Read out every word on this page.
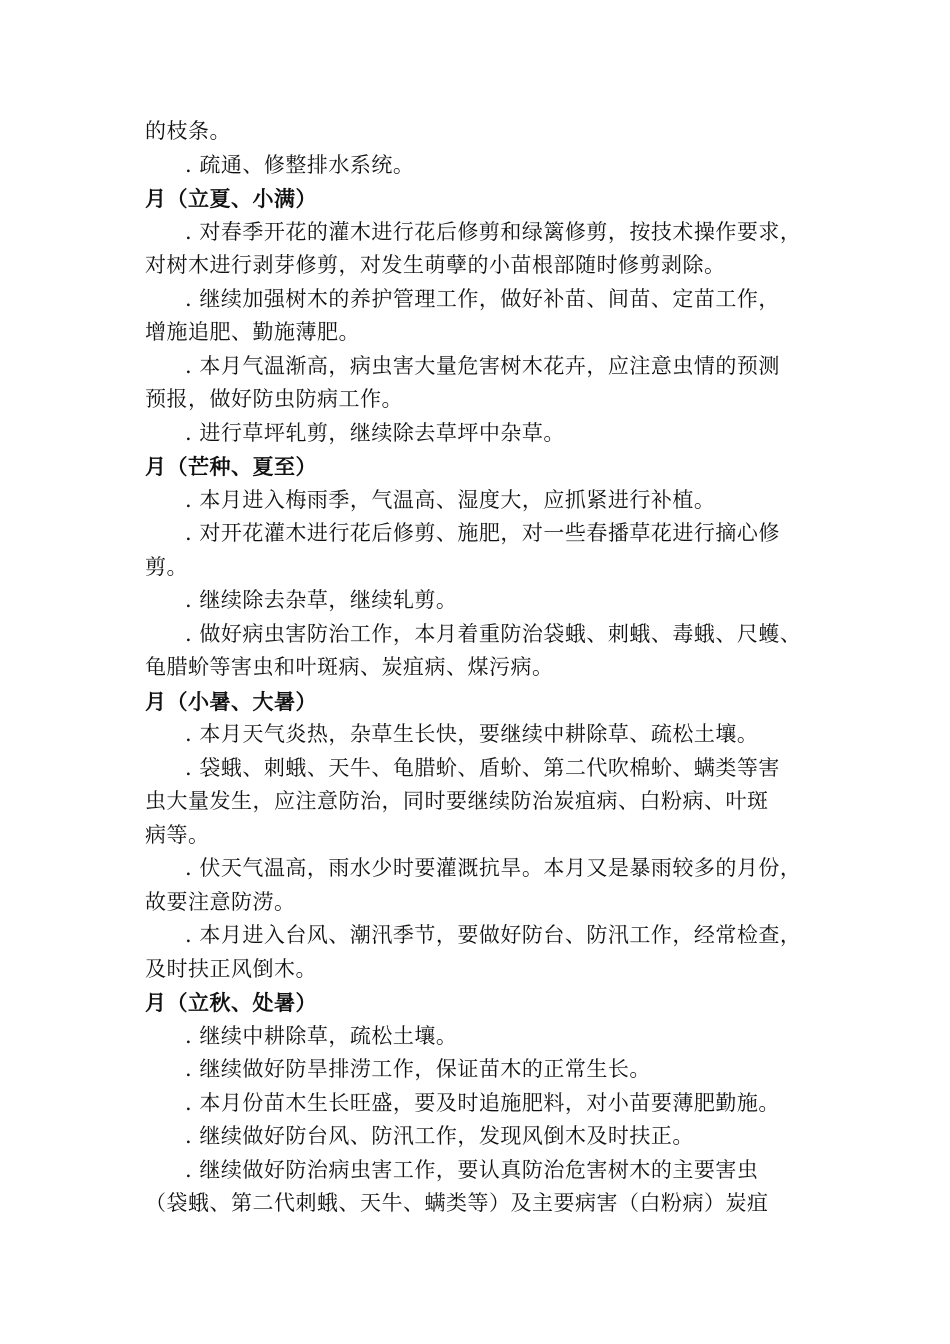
的枝条。
. 疏通、修整排水系统。
月（立夏、小满）
. 对春季开花的灌木进行花后修剪和绿篱修剪，按技术操作要求，
对树木进行剥芽修剪，对发生萌孽的小苗根部随时修剪剥除。
. 继续加强树木的养护管理工作，做好补苗、间苗、定苗工作，
增施追肥、勤施薄肥。
. 本月气温渐高，病虫害大量危害树木花卉，应注意虫情的预测
预报，做好防虫防病工作。
. 进行草坪轧剪，继续除去草坪中杂草。
月（芒种、夏至）
. 本月进入梅雨季，气温高、湿度大，应抓紧进行补植。
. 对开花灌木进行花后修剪、施肥，对一些春播草花进行摘心修
剪。
. 继续除去杂草，继续轧剪。
. 做好病虫害防治工作，本月着重防治袋蛾、刺蛾、毒蛾、尺蠖、
龟腊蚧等害虫和叶斑病、炭疽病、煤污病。
月（小暑、大暑）
. 本月天气炎热，杂草生长快，要继续中耕除草、疏松土壤。
. 袋蛾、刺蛾、天牛、龟腊蚧、盾蚧、第二代吹棉蚧、螨类等害
虫大量发生，应注意防治，同时要继续防治炭疽病、白粉病、叶斑
病等。
. 伏天气温高，雨水少时要灌溉抗旱。本月又是暴雨较多的月份，
故要注意防涝。
. 本月进入台风、潮汛季节，要做好防台、防汛工作，经常检查，
及时扶正风倒木。
月（立秋、处暑）
. 继续中耕除草，疏松土壤。
. 继续做好防旱排涝工作，保证苗木的正常生长。
. 本月份苗木生长旺盛，要及时追施肥料，对小苗要薄肥勤施。
. 继续做好防台风、防汛工作，发现风倒木及时扶正。
. 继续做好防治病虫害工作，要认真防治危害树木的主要害虫
（袋蛾、第二代刺蛾、天牛、螨类等）及主要病害（白粉病）炭疽
